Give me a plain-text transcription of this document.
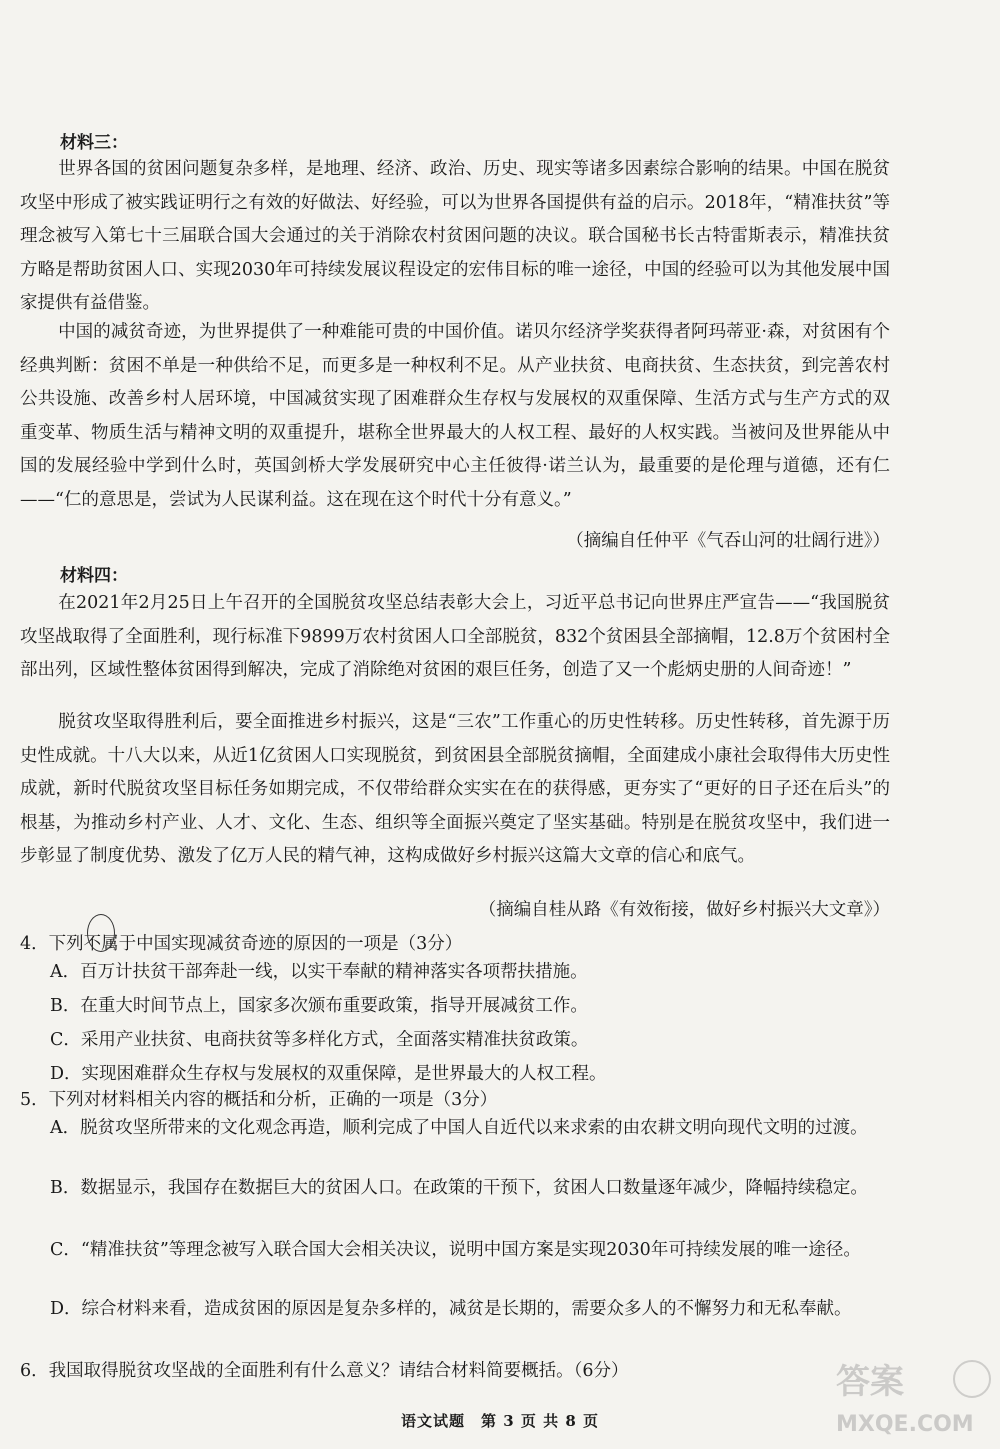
材料三：
世界各国的贫困问题复杂多样，是地理、经济、政治、历史、现实等诸多因素综合影响的结果。中国在脱贫攻坚中形成了被实践证明行之有效的好做法、好经验，可以为世界各国提供有益的启示。2018年，“精准扶贫”等理念被写入第七十三届联合国大会通过的关于消除农村贫困问题的决议。联合国秘书长古特雷斯表示，精准扶贫方略是帮助贫困人口、实现2030年可持续发展议程设定的宏伟目标的唯一途径，中国的经验可以为其他发展中国家提供有益借鉴。
中国的减贫奇迹，为世界提供了一种难能可贵的中国价值。诺贝尔经济学奖获得者阿玛蒂亚·森，对贫困有个经典判断：贫困不单是一种供给不足，而更多是一种权利不足。从产业扶贫、电商扶贫、生态扶贫，到完善农村公共设施、改善乡村人居环境，中国减贫实现了困难群众生存权与发展权的双重保障、生活方式与生产方式的双重变革、物质生活与精神文明的双重提升，堪称全世界最大的人权工程、最好的人权实践。当被问及世界能从中国的发展经验中学到什么时，英国剑桥大学发展研究中心主任彼得·诺兰认为，最重要的是伦理与道德，还有仁——“仁的意思是，尝试为人民谋利益。这在现在这个时代十分有意义。”
（摘编自任仲平《气吞山河的壮阔行进》）
材料四：
在2021年2月25日上午召开的全国脱贫攻坚总结表彰大会上，习近平总书记向世界庄严宣告——“我国脱贫攻坚战取得了全面胜利，现行标准下9899万农村贫困人口全部脱贫，832个贫困县全部摘帽，12.8万个贫困村全部出列，区域性整体贫困得到解决，完成了消除绝对贫困的艰巨任务，创造了又一个彪炳史册的人间奇迹！”
脱贫攻坚取得胜利后，要全面推进乡村振兴，这是“三农”工作重心的历史性转移。历史性转移，首先源于历史性成就。十八大以来，从近1亿贫困人口实现脱贫，到贫困县全部脱贫摘帽，全面建成小康社会取得伟大历史性成就，新时代脱贫攻坚目标任务如期完成，不仅带给群众实实在在的获得感，更夯实了“更好的日子还在后头”的根基，为推动乡村产业、人才、文化、生态、组织等全面振兴奠定了坚实基础。特别是在脱贫攻坚中，我们进一步彰显了制度优势、激发了亿万人民的精气神，这构成做好乡村振兴这篇大文章的信心和底气。
（摘编自桂从路《有效衔接，做好乡村振兴大文章》）
4．下列不属于中国实现减贫奇迹的原因的一项是（3分）
A．百万计扶贫干部奔赴一线，以实干奉献的精神落实各项帮扶措施。
B．在重大时间节点上，国家多次颁布重要政策，指导开展减贫工作。
C．采用产业扶贫、电商扶贫等多样化方式，全面落实精准扶贫政策。
D．实现困难群众生存权与发展权的双重保障，是世界最大的人权工程。
5．下列对材料相关内容的概括和分析，正确的一项是（3分）
A．脱贫攻坚所带来的文化观念再造，顺利完成了中国人自近代以来求索的由农耕文明向现代文明的过渡。
B．数据显示，我国存在数据巨大的贫困人口。在政策的干预下，贫困人口数量逐年减少，降幅持续稳定。
C．“精准扶贫”等理念被写入联合国大会相关决议，说明中国方案是实现2030年可持续发展的唯一途径。
D．综合材料来看，造成贫困的原因是复杂多样的，减贫是长期的，需要众多人的不懈努力和无私奉献。
6．我国取得脱贫攻坚战的全面胜利有什么意义？请结合材料简要概括。（6分）	答案
MXQE.COM
语文试题　第 3 页 共 8 页
